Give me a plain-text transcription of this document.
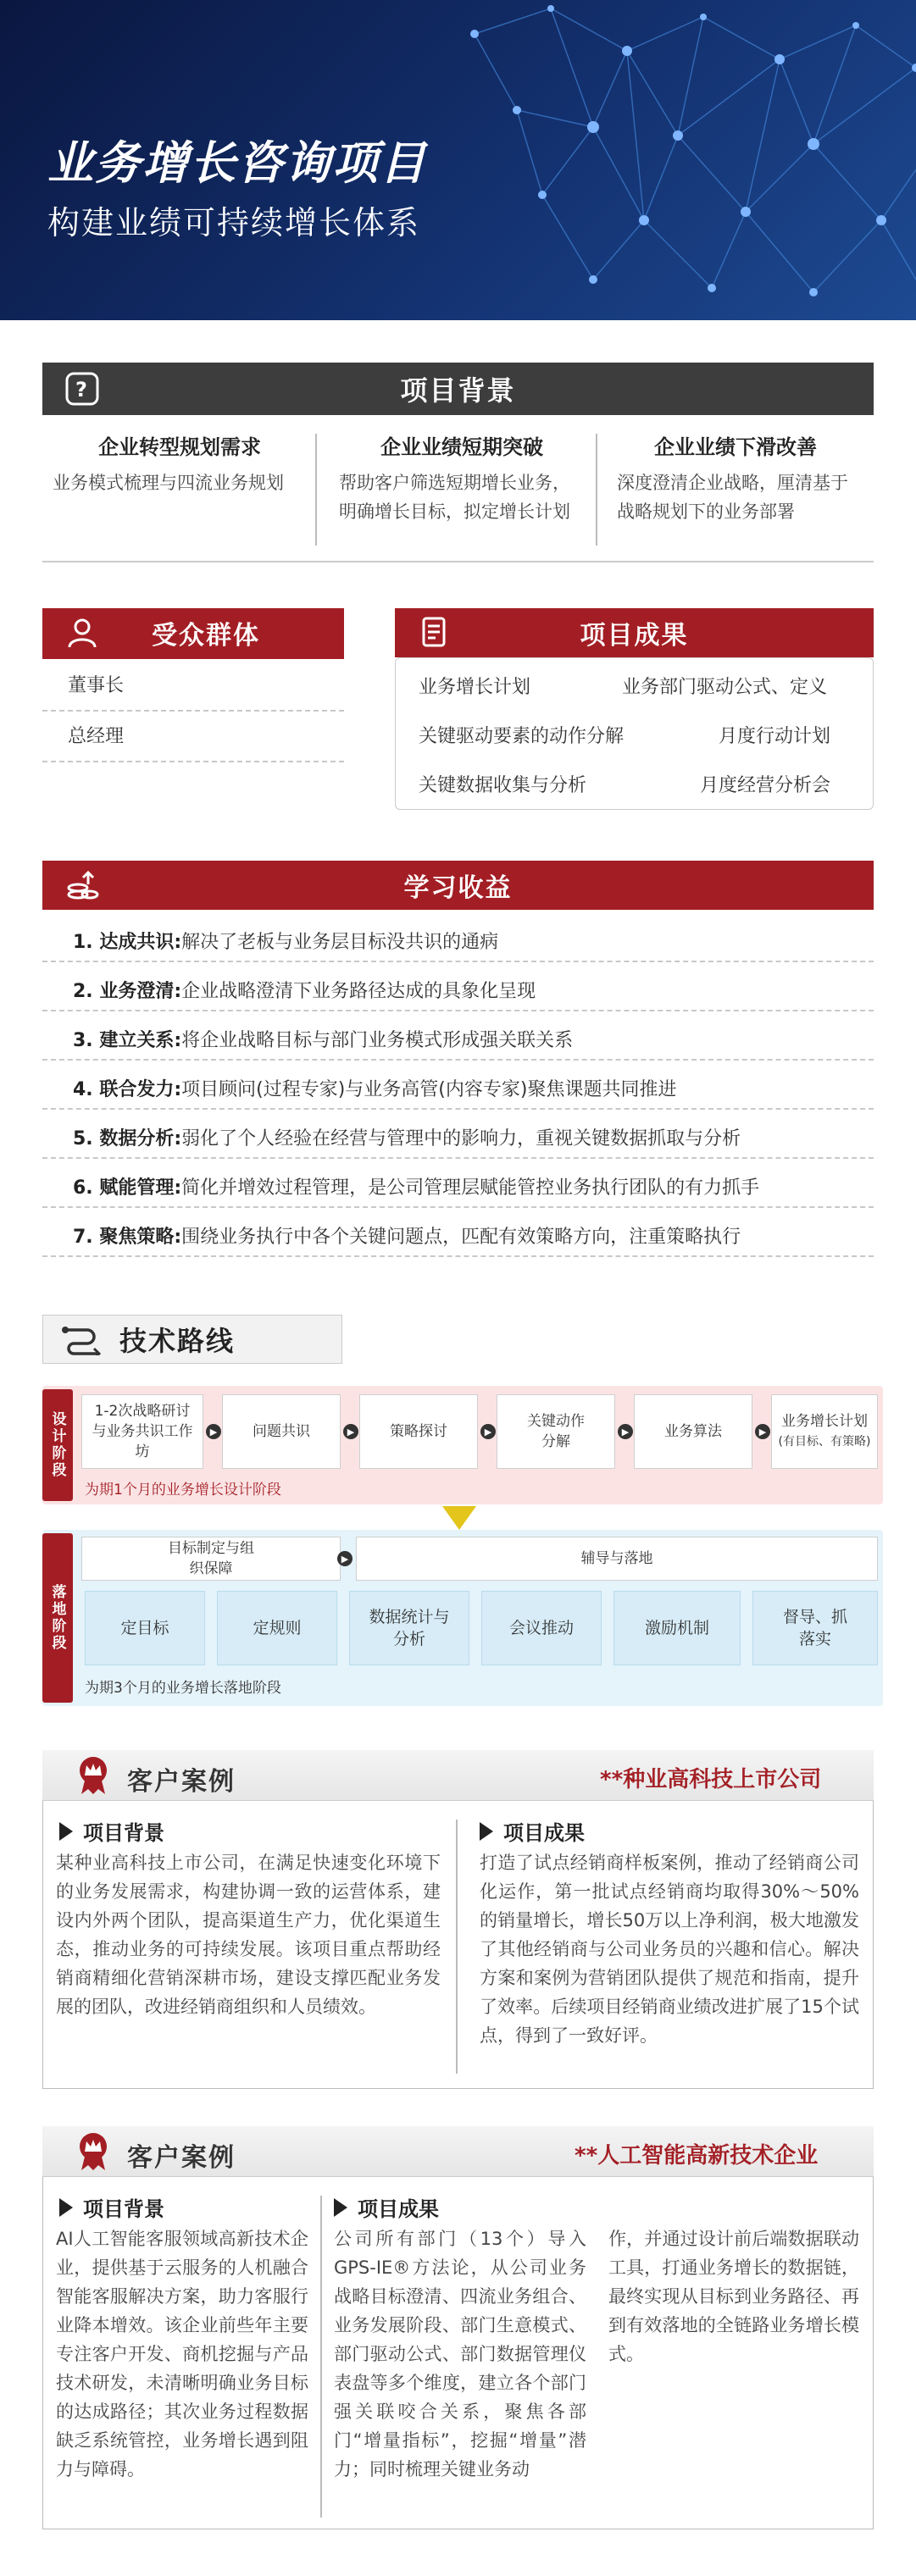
业务增长咨询项目
构建业绩可持续增长体系
?	项目背景
企业转型规划需求

业务模式梳理与四流业务规划

企业业绩短期突破

帮助客户筛选短期增长业务，明确增长目标，拟定增长计划

企业业绩下滑改善

深度澄清企业战略，厘清基于战略规划下的业务部署

受众群体
董事长
总经理
项目成果
业务增长计划	业务部门驱动公式、定义
关键驱动要素的动作分解	月度行动计划
关键数据收集与分析	月度经营分析会
学习收益
1. 达成共识: 解决了老板与业务层目标没共识的通病
2. 业务澄清: 企业战略澄清下业务路径达成的具象化呈现
3. 建立关系: 将企业战略目标与部门业务模式形成强关联关系
4. 联合发力: 项目顾问(过程专家)与业务高管(内容专家)聚焦课题共同推进
5. 数据分析: 弱化了个人经验在经营与管理中的影响力，重视关键数据抓取与分析
6. 赋能管理: 简化并增效过程管理，是公司管理层赋能管控业务执行团队的有力抓手
7. 聚焦策略: 围绕业务执行中各个关键问题点，匹配有效策略方向，注重策略执行
技术路线
设计阶段	1-2次战略研讨与业务共识工作坊
▶	问题共识	▶	策略探讨	▶
关键动作分解
▶	业务算法	▶
业务增长计划
(有目标、有策略)
为期1个月的业务增长设计阶段
落地阶段
目标制定与组织保障
▶	辅导与落地
定目标	定规则
数据统计与分析
会议推动	激励机制
督导、抓落实
为期3个月的业务增长落地阶段
客户案例	**种业高科技上市公司
项目背景
某种业高科技上市公司，在满足快速变化环境下的业务发展需求，构建协调一致的运营体系，建设内外两个团队，提高渠道生产力，优化渠道生态，推动业务的可持续发展。该项目重点帮助经销商精细化营销深耕市场，建设支撑匹配业务发展的团队，改进经销商组织和人员绩效。
项目成果
打造了试点经销商样板案例，推动了经销商公司化运作，第一批试点经销商均取得30%～50%的销量增长，增长50万以上净利润，极大地激发了其他经销商与公司业务员的兴趣和信心。解决方案和案例为营销团队提供了规范和指南，提升了效率。后续项目经销商业绩改进扩展了15个试点，得到了一致好评。
客户案例	**人工智能高新技术企业
项目背景
AI人工智能客服领域高新技术企业，提供基于云服务的人机融合智能客服解决方案，助力客服行业降本增效。该企业前些年主要专注客户开发、商机挖掘与产品技术研发，未清晰明确业务目标的达成路径；其次业务过程数据缺乏系统管控，业务增长遇到阻力与障碍。
项目成果
公司所有部门（13个）导入GPS-IE®方法论，从公司业务战略目标澄清、四流业务组合、业务发展阶段、部门生意模式、部门驱动公式、部门数据管理仪表盘等多个维度，建立各个部门强关联咬合关系，聚焦各部门“增量指标”，挖掘“增量”潜力；同时梳理关键业务动
作，并通过设计前后端数据联动工具，打通业务增长的数据链，最终实现从目标到业务路径、再到有效落地的全链路业务增长模式。
